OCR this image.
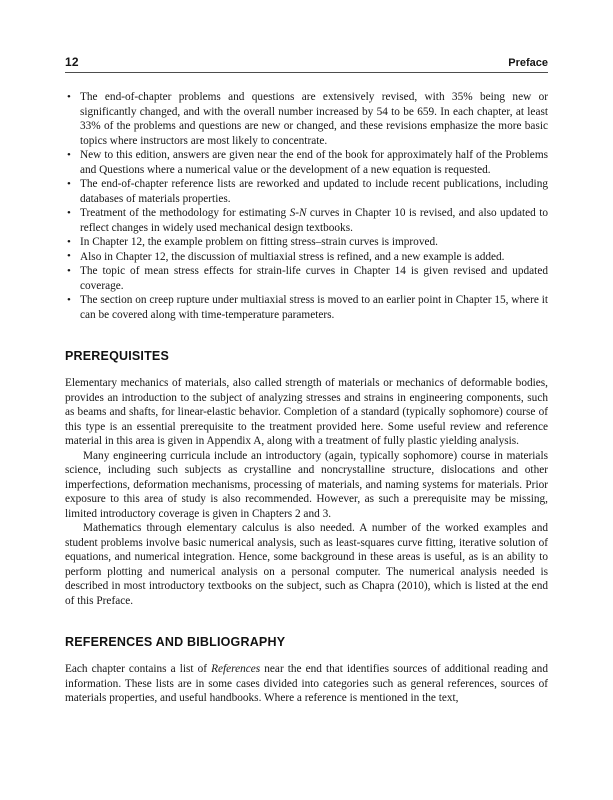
12	Preface
• The end-of-chapter problems and questions are extensively revised, with 35% being new or significantly changed, and with the overall number increased by 54 to be 659. In each chapter, at least 33% of the problems and questions are new or changed, and these revisions emphasize the more basic topics where instructors are most likely to concentrate.
• New to this edition, answers are given near the end of the book for approximately half of the Problems and Questions where a numerical value or the development of a new equation is requested.
• The end-of-chapter reference lists are reworked and updated to include recent publications, including databases of materials properties.
• Treatment of the methodology for estimating S-N curves in Chapter 10 is revised, and also updated to reflect changes in widely used mechanical design textbooks.
• In Chapter 12, the example problem on fitting stress–strain curves is improved.
• Also in Chapter 12, the discussion of multiaxial stress is refined, and a new example is added.
• The topic of mean stress effects for strain-life curves in Chapter 14 is given revised and updated coverage.
• The section on creep rupture under multiaxial stress is moved to an earlier point in Chapter 15, where it can be covered along with time-temperature parameters.
PREREQUISITES

Elementary mechanics of materials, also called strength of materials or mechanics of deformable bodies, provides an introduction to the subject of analyzing stresses and strains in engineering components, such as beams and shafts, for linear-elastic behavior. Completion of a standard (typically sophomore) course of this type is an essential prerequisite to the treatment provided here. Some useful review and reference material in this area is given in Appendix A, along with a treatment of fully plastic yielding analysis.

Many engineering curricula include an introductory (again, typically sophomore) course in materials science, including such subjects as crystalline and noncrystalline structure, dislocations and other imperfections, deformation mechanisms, processing of materials, and naming systems for materials. Prior exposure to this area of study is also recommended. However, as such a prerequisite may be missing, limited introductory coverage is given in Chapters 2 and 3.

Mathematics through elementary calculus is also needed. A number of the worked examples and student problems involve basic numerical analysis, such as least-squares curve fitting, iterative solution of equations, and numerical integration. Hence, some background in these areas is useful, as is an ability to perform plotting and numerical analysis on a personal computer. The numerical analysis needed is described in most introductory textbooks on the subject, such as Chapra (2010), which is listed at the end of this Preface.

REFERENCES AND BIBLIOGRAPHY

Each chapter contains a list of References near the end that identifies sources of additional reading and information. These lists are in some cases divided into categories such as general references, sources of materials properties, and useful handbooks. Where a reference is mentioned in the text,
